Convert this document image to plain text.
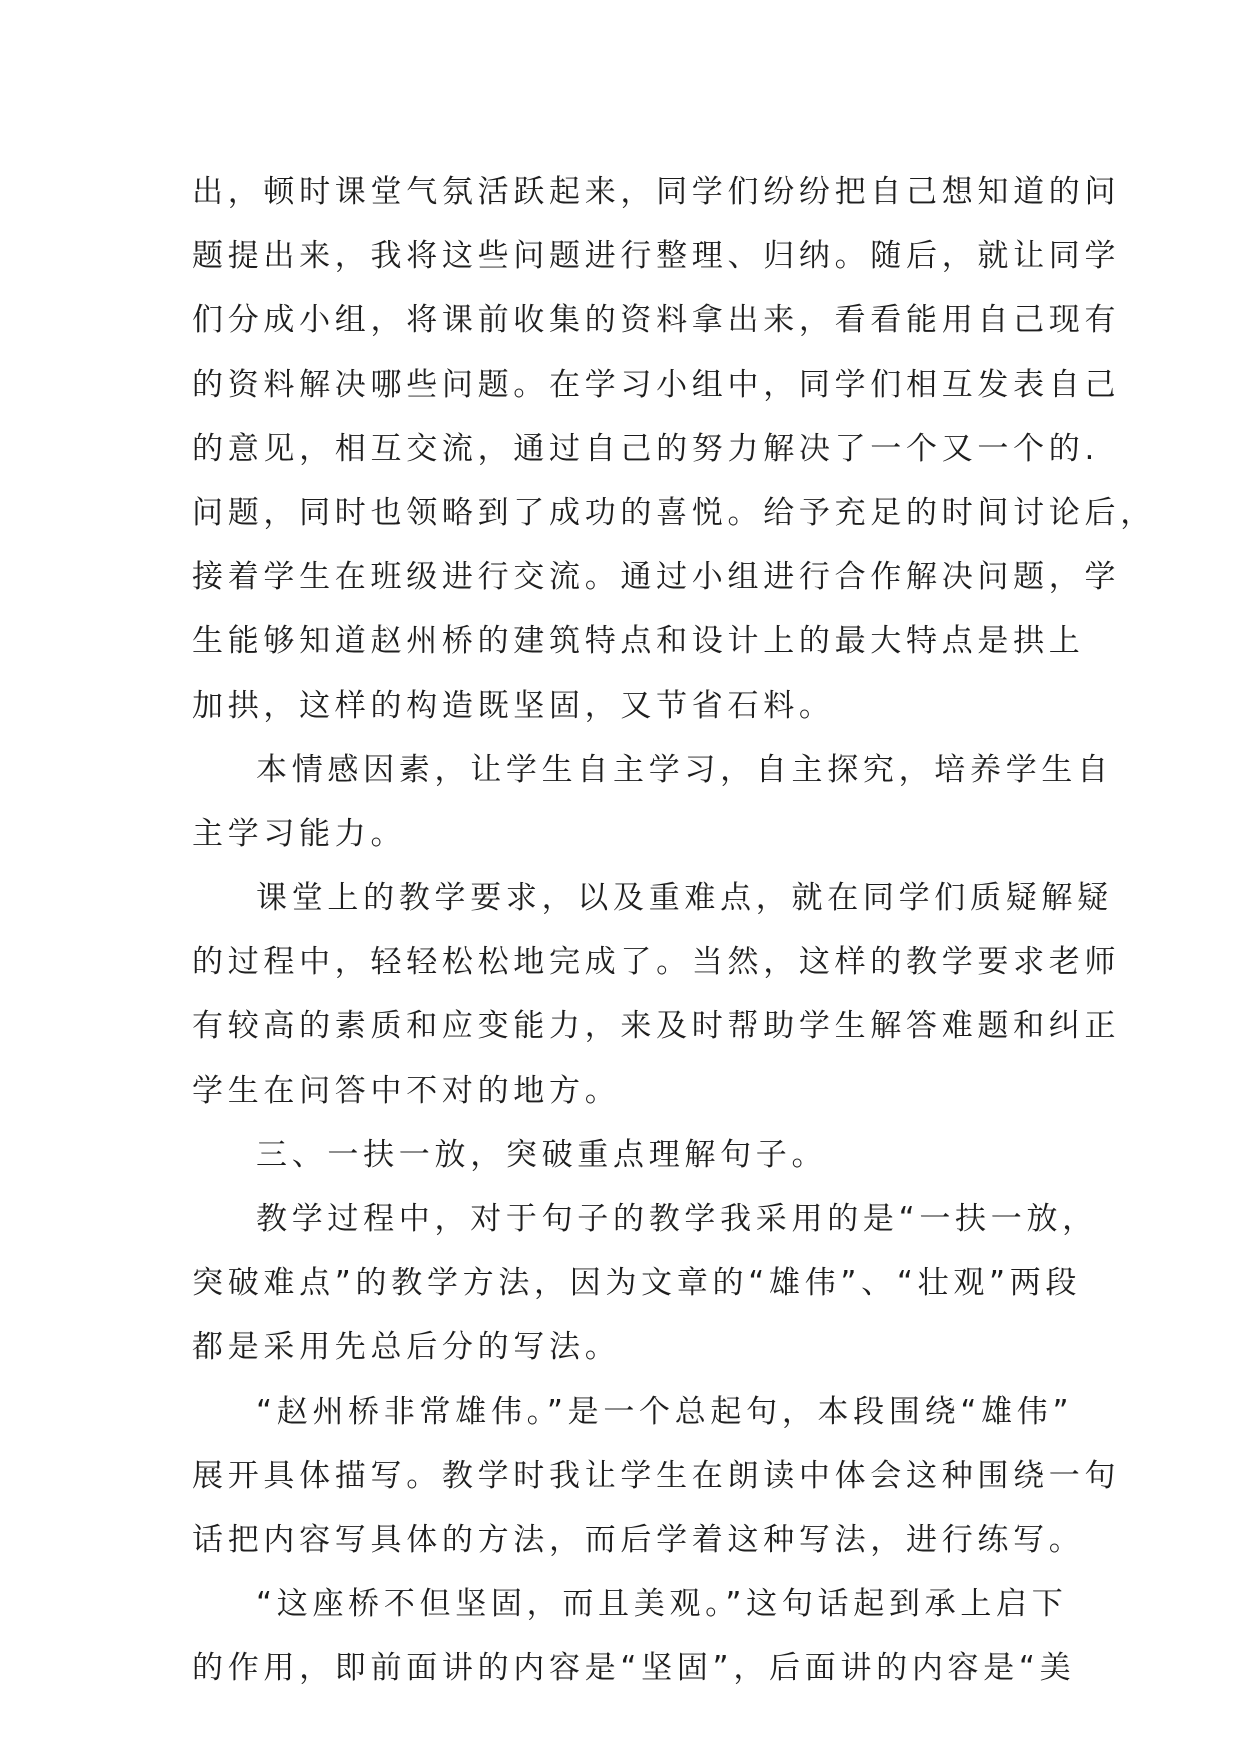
出，顿时课堂气氛活跃起来，同学们纷纷把自己想知道的问
题提出来，我将这些问题进行整理、归纳。随后，就让同学
们分成小组，将课前收集的资料拿出来，看看能用自己现有
的资料解决哪些问题。在学习小组中，同学们相互发表自己
的意见，相互交流，通过自己的努力解决了一个又一个的.
问题，同时也领略到了成功的喜悦。给予充足的时间讨论后，
接着学生在班级进行交流。通过小组进行合作解决问题，学
生能够知道赵州桥的建筑特点和设计上的最大特点是拱上
加拱，这样的构造既坚固，又节省石料。
本情感因素，让学生自主学习，自主探究，培养学生自
主学习能力。
课堂上的教学要求，以及重难点，就在同学们质疑解疑
的过程中，轻轻松松地完成了。当然，这样的教学要求老师
有较高的素质和应变能力，来及时帮助学生解答难题和纠正
学生在问答中不对的地方。
三、一扶一放，突破重点理解句子。
教学过程中，对于句子的教学我采用的是“一扶一放，
突破难点”的教学方法，因为文章的“雄伟”、“壮观”两段
都是采用先总后分的写法。
“赵州桥非常雄伟。”是一个总起句，本段围绕“雄伟”
展开具体描写。教学时我让学生在朗读中体会这种围绕一句
话把内容写具体的方法，而后学着这种写法，进行练写。
“这座桥不但坚固，而且美观。”这句话起到承上启下
的作用，即前面讲的内容是“坚固”，后面讲的内容是“美
